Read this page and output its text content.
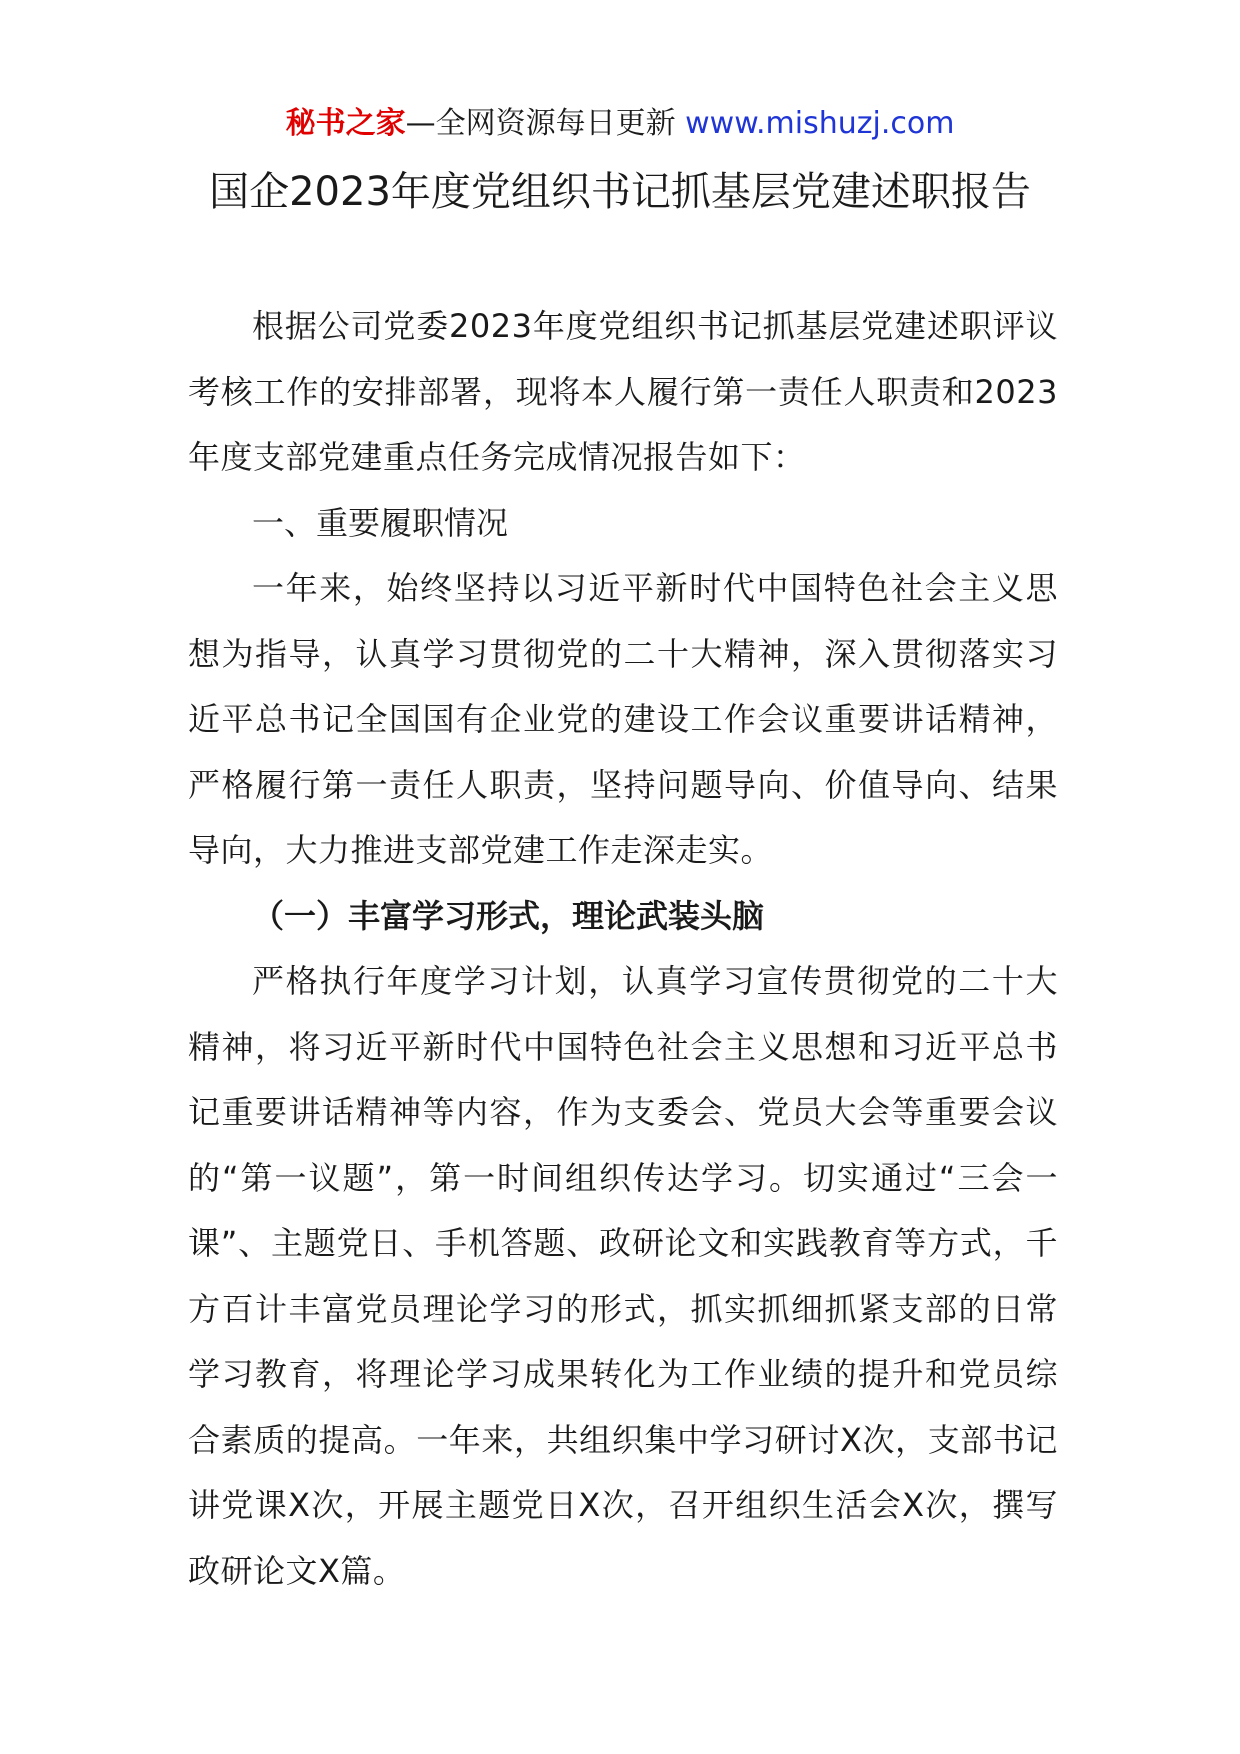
秘书之家—全网资源每日更新 www.mishuzj.com
国企2023年度党组织书记抓基层党建述职报告

根据公司党委2023年度党组织书记抓基层党建述职评议考核工作的安排部署，现将本人履行第一责任人职责和2023年度支部党建重点任务完成情况报告如下：

一、重要履职情况

一年来，始终坚持以习近平新时代中国特色社会主义思想为指导，认真学习贯彻党的二十大精神，深入贯彻落实习近平总书记全国国有企业党的建设工作会议重要讲话精神，严格履行第一责任人职责，坚持问题导向、价值导向、结果导向，大力推进支部党建工作走深走实。

（一）丰富学习形式，理论武装头脑

严格执行年度学习计划，认真学习宣传贯彻党的二十大精神，将习近平新时代中国特色社会主义思想和习近平总书记重要讲话精神等内容，作为支委会、党员大会等重要会议的“第一议题”，第一时间组织传达学习。切实通过“三会一课”、主题党日、手机答题、政研论文和实践教育等方式，千方百计丰富党员理论学习的形式，抓实抓细抓紧支部的日常学习教育，将理论学习成果转化为工作业绩的提升和党员综合素质的提高。一年来，共组织集中学习研讨X次，支部书记讲党课X次，开展主题党日X次，召开组织生活会X次，撰写政研论文X篇。
